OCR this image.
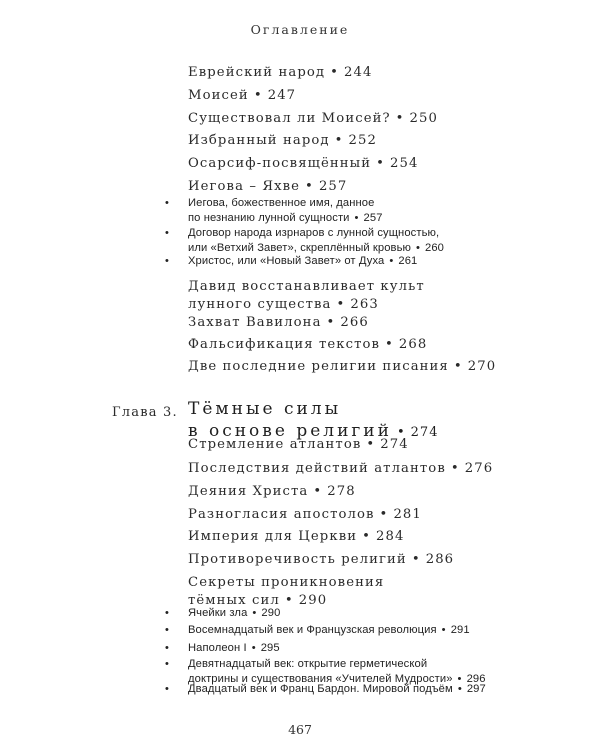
Оглавление
Глава 3. Тёмные силы
в основе религий • 274
Еврейский народ • 244
Моисей • 247
Существовал ли Моисей? • 250
Избранный народ • 252
Осарсиф-посвящённый • 254
Иегова – Яхве • 257
• Иегова, божественное имя, данное
по незнанию лунной сущности • 257
• Договор народа изрнаров с лунной сущностью,
или «Ветхий Завет», скреплённый кровью • 260
• Христос, или «Новый Завет» от Духа • 261
Давид восстанавливает культ
лунного существа • 263
Захват Вавилона • 266
Фальсификация текстов • 268
Две последние религии писания • 270
Стремление атлантов • 274
Последствия действий атлантов • 276
Деяния Христа • 278
Разногласия апостолов • 281
Империя для Церкви • 284
Противоречивость религий • 286
Секреты проникновения
тёмных сил • 290
• Ячейки зла • 290
• Восемнадцатый век и Французская революция • 291
• Наполеон I • 295
• Девятнадцатый век: открытие герметической
доктрины и существования «Учителей Мудрости» • 296
• Двадцатый век и Франц Бардон. Мировой подъём • 297
467
